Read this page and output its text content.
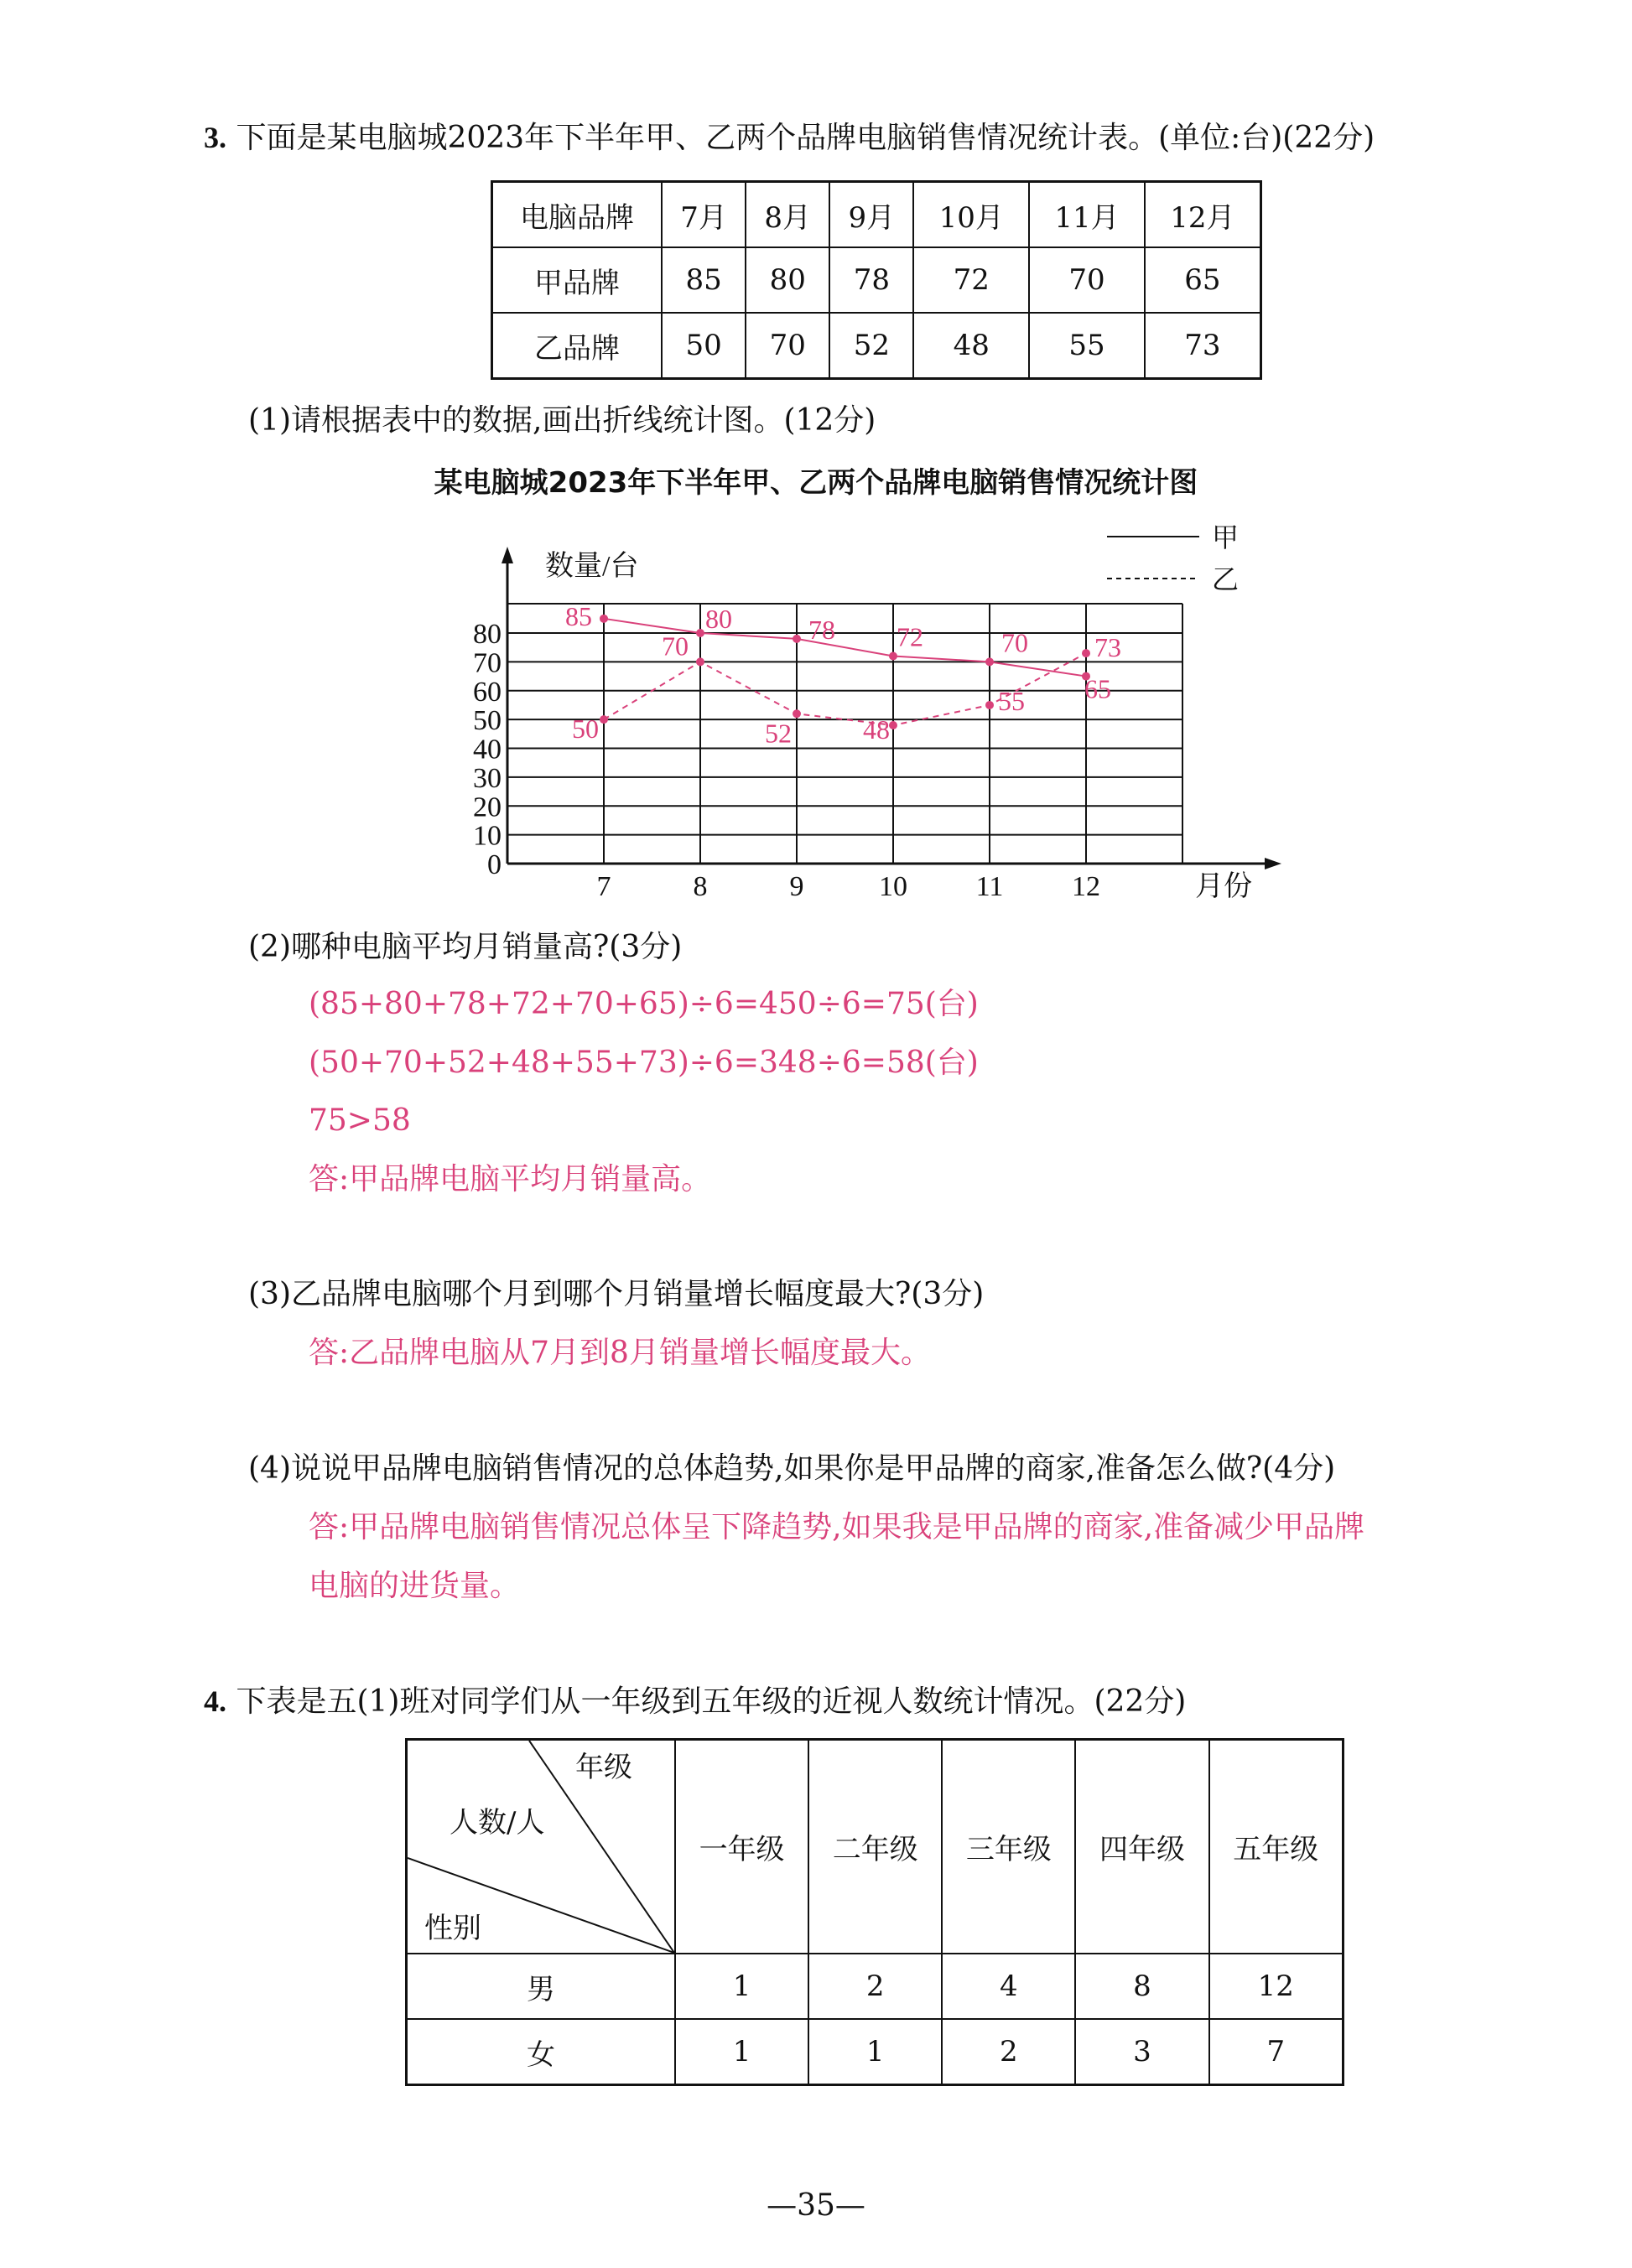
3. 下面是某电脑城2023年下半年甲、乙两个品牌电脑销售情况统计表。(单位:台)(22分)
电脑品牌	7月	8月	9月	10月	11月	12月
甲品牌	85	80	78	72	70	65
乙品牌	50	70	52	48	55	73
(1)请根据表中的数据,画出折线统计图。(12分)
某电脑城2023年下半年甲、乙两个品牌电脑销售情况统计图
数量/台
月份
0
10
20
30
40
50
60
70
80
7	8	9	10 11 12
甲
乙
85	80	78 72	70
65
50
70
52	48
55
73
(2)哪种电脑平均月销量高?(3分)
(85+80+78+72+70+65)÷6=450÷6=75(台)
(50+70+52+48+55+73)÷6=348÷6=58(台)
75>58
答:甲品牌电脑平均月销量高。
(3)乙品牌电脑哪个月到哪个月销量增长幅度最大?(3分)
答:乙品牌电脑从7月到8月销量增长幅度最大。
(4)说说甲品牌电脑销售情况的总体趋势,如果你是甲品牌的商家,准备怎么做?(4分)
答:甲品牌电脑销售情况总体呈下降趋势,如果我是甲品牌的商家,准备减少甲品牌
电脑的进货量。
4. 下表是五(1)班对同学们从一年级到五年级的近视人数统计情况。(22分)
年级
人数/人
性别	一年级	二年级	三年级	四年级	五年级
男	1	2	4	8	12
女	1	1	2	3	7
—35—
